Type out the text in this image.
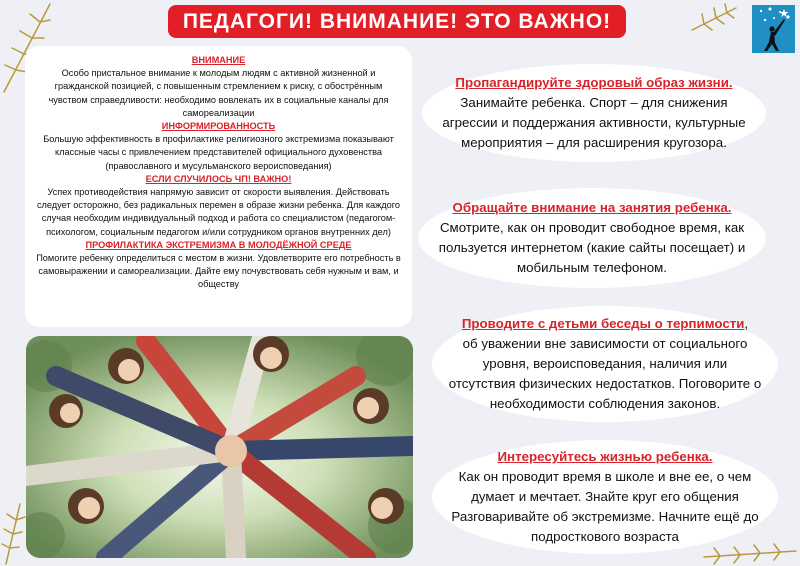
ПЕДАГОГИ! ВНИМАНИЕ! ЭТО ВАЖНО!
ВНИМАНИЕ
Особо пристальное внимание к молодым людям с активной жизненной и гражданской позицией, с повышенным стремлением к риску, с обострённым чувством справедливости: необходимо вовлекать их в социальные каналы для самореализации
ИНФОРМИРОВАННОСТЬ
Большую эффективность в профилактике религиозного экстремизма показывают классные часы с привлечением представителей официального духовенства (православного и мусульманского вероисповедания)
ЕСЛИ СЛУЧИЛОСЬ ЧП! ВАЖНО!
Успех противодействия напрямую зависит от скорости выявления. Действовать следует осторожно, без радикальных перемен в образе жизни ребенка. Для каждого случая необходим индивидуальный подход и работа со специалистом (педагогом-психологом, социальным педагогом и/или сотрудником органов внутренних дел)
ПРОФИЛАКТИКА ЭКСТРЕМИЗМА В МОЛОДЁЖНОЙ СРЕДЕ
Помогите ребенку определиться с местом в жизни. Удовлетворите его потребность в самовыражении и самореализации. Дайте ему почувствовать себя нужным и вам, и обществу
Пропагандируйте здоровый образ жизни.
Занимайте ребенка. Спорт – для снижения агрессии и поддержания активности, культурные мероприятия – для расширения кругозора.
Обращайте внимание на занятия ребенка.
Смотрите, как он проводит свободное время, как пользуется интернетом (какие сайты посещает) и мобильным телефоном.
Проводите с детьми беседы о терпимости,
об уважении вне зависимости от социального уровня, вероисповедания, наличия или отсутствия физических недостатков. Поговорите о необходимости соблюдения законов.
Интересуйтесь жизнью ребенка.
Как он проводит время в школе и вне ее, о чем думает и мечтает. Знайте круг его общения Разговаривайте об экстремизме. Начните ещё до подросткового возраста
